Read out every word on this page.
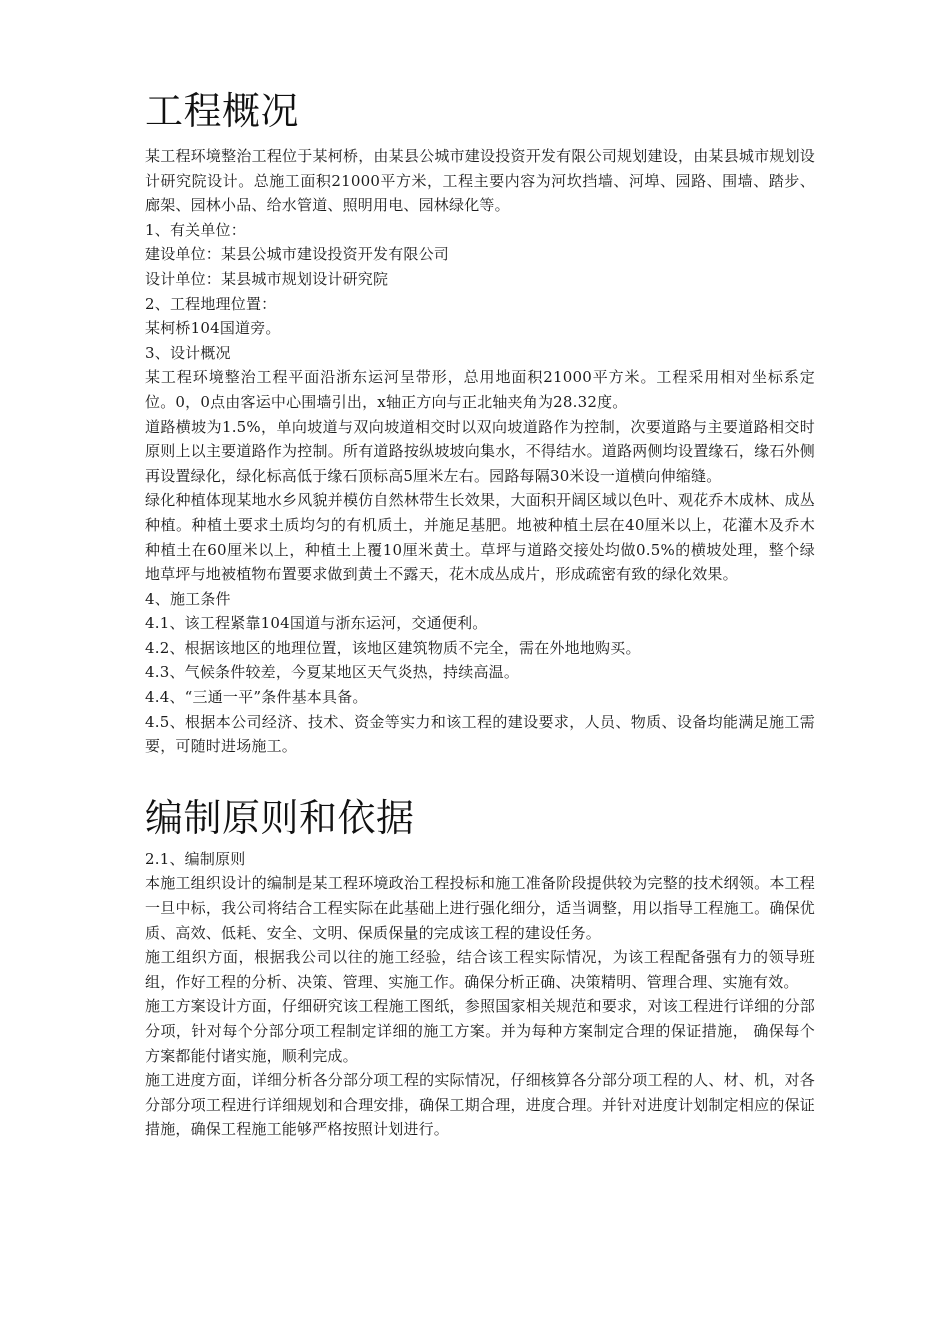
工程概况

某工程环境整治工程位于某柯桥，由某县公城市建设投资开发有限公司规划建设，由某县城市规划设计研究院设计。总施工面积21000平方米，工程主要内容为河坎挡墙、河埠、园路、围墙、踏步、廊架、园林小品、给水管道、照明用电、园林绿化等。

1、有关单位：

建设单位：某县公城市建设投资开发有限公司

设计单位：某县城市规划设计研究院

2、工程地理位置：

某柯桥104国道旁。

3、设计概况

某工程环境整治工程平面沿浙东运河呈带形，总用地面积21000平方米。工程采用相对坐标系定位。0，0点由客运中心围墙引出，x轴正方向与正北轴夹角为28.32度。

道路横坡为1.5%，单向坡道与双向坡道相交时以双向坡道路作为控制，次要道路与主要道路相交时原则上以主要道路作为控制。所有道路按纵坡坡向集水，不得结水。道路两侧均设置缘石，缘石外侧再设置绿化，绿化标高低于缘石顶标高5厘米左右。园路每隔30米设一道横向伸缩缝。

绿化种植体现某地水乡风貌并模仿自然林带生长效果，大面积开阔区域以色叶、观花乔木成林、成丛种植。种植土要求土质均匀的有机质土，并施足基肥。地被种植土层在40厘米以上，花灌木及乔木种植土在60厘米以上，种植土上覆10厘米黄土。草坪与道路交接处均做0.5%的横坡处理，整个绿地草坪与地被植物布置要求做到黄土不露天，花木成丛成片，形成疏密有致的绿化效果。

4、施工条件

4.1、该工程紧靠104国道与浙东运河，交通便利。

4.2、根据该地区的地理位置，该地区建筑物质不完全，需在外地地购买。

4.3、气候条件较差，今夏某地区天气炎热，持续高温。

4.4、“三通一平”条件基本具备。

4.5、根据本公司经济、技术、资金等实力和该工程的建设要求，人员、物质、设备均能满足施工需要，可随时进场施工。

编制原则和依据

2.1、编制原则

本施工组织设计的编制是某工程环境政治工程投标和施工准备阶段提供较为完整的技术纲领。本工程一旦中标，我公司将结合工程实际在此基础上进行强化细分，适当调整，用以指导工程施工。确保优质、高效、低耗、安全、文明、保质保量的完成该工程的建设任务。

施工组织方面，根据我公司以往的施工经验，结合该工程实际情况，为该工程配备强有力的领导班组，作好工程的分析、决策、管理、实施工作。确保分析正确、决策精明、管理合理、实施有效。

施工方案设计方面，仔细研究该工程施工图纸，参照国家相关规范和要求，对该工程进行详细的分部分项，针对每个分部分项工程制定详细的施工方案。并为每种方案制定合理的保证措施， 确保每个方案都能付诸实施，顺利完成。

施工进度方面，详细分析各分部分项工程的实际情况，仔细核算各分部分项工程的人、材、机，对各分部分项工程进行详细规划和合理安排，确保工期合理，进度合理。并针对进度计划制定相应的保证措施，确保工程施工能够严格按照计划进行。
